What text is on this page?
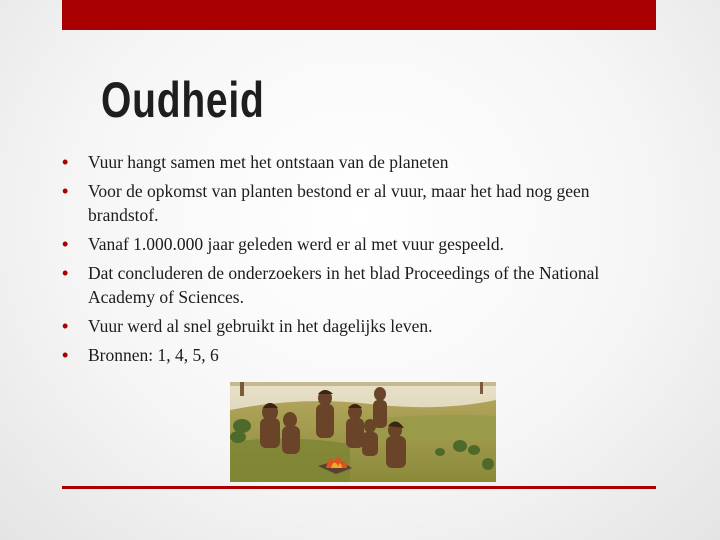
Oudheid
• Vuur hangt samen met het ontstaan van de planeten
• Voor de opkomst van planten bestond er al vuur, maar het had nog geen brandstof.
• Vanaf 1.000.000 jaar geleden werd er al met vuur gespeeld.
• Dat concluderen de onderzoekers in het blad Proceedings of the National Academy of Sciences.
• Vuur werd al snel gebruikt in het dagelijks leven.
• Bronnen: 1, 4, 5, 6
